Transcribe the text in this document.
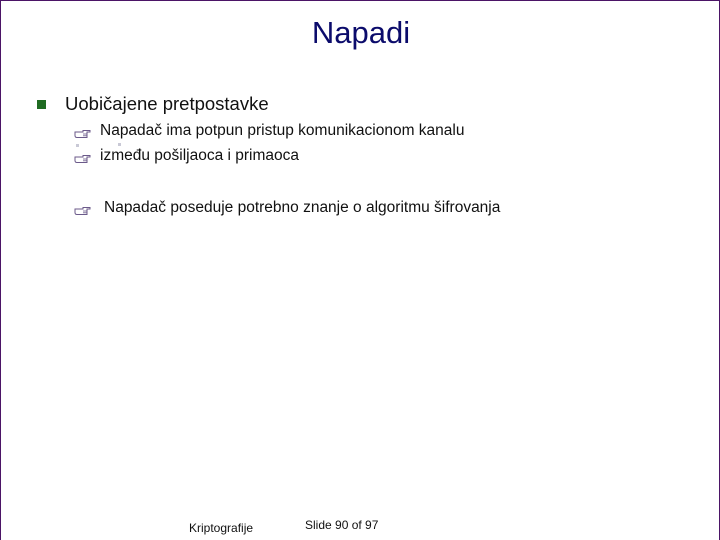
Napadi
Uobičajene pretpostavke
Napadač ima potpun pristup komunikacionom kanalu
između pošiljaoca i primaoca
Napadač poseduje potrebno znanje o algoritmu šifrovanja
Kriptografije	Slide 90 of 97
